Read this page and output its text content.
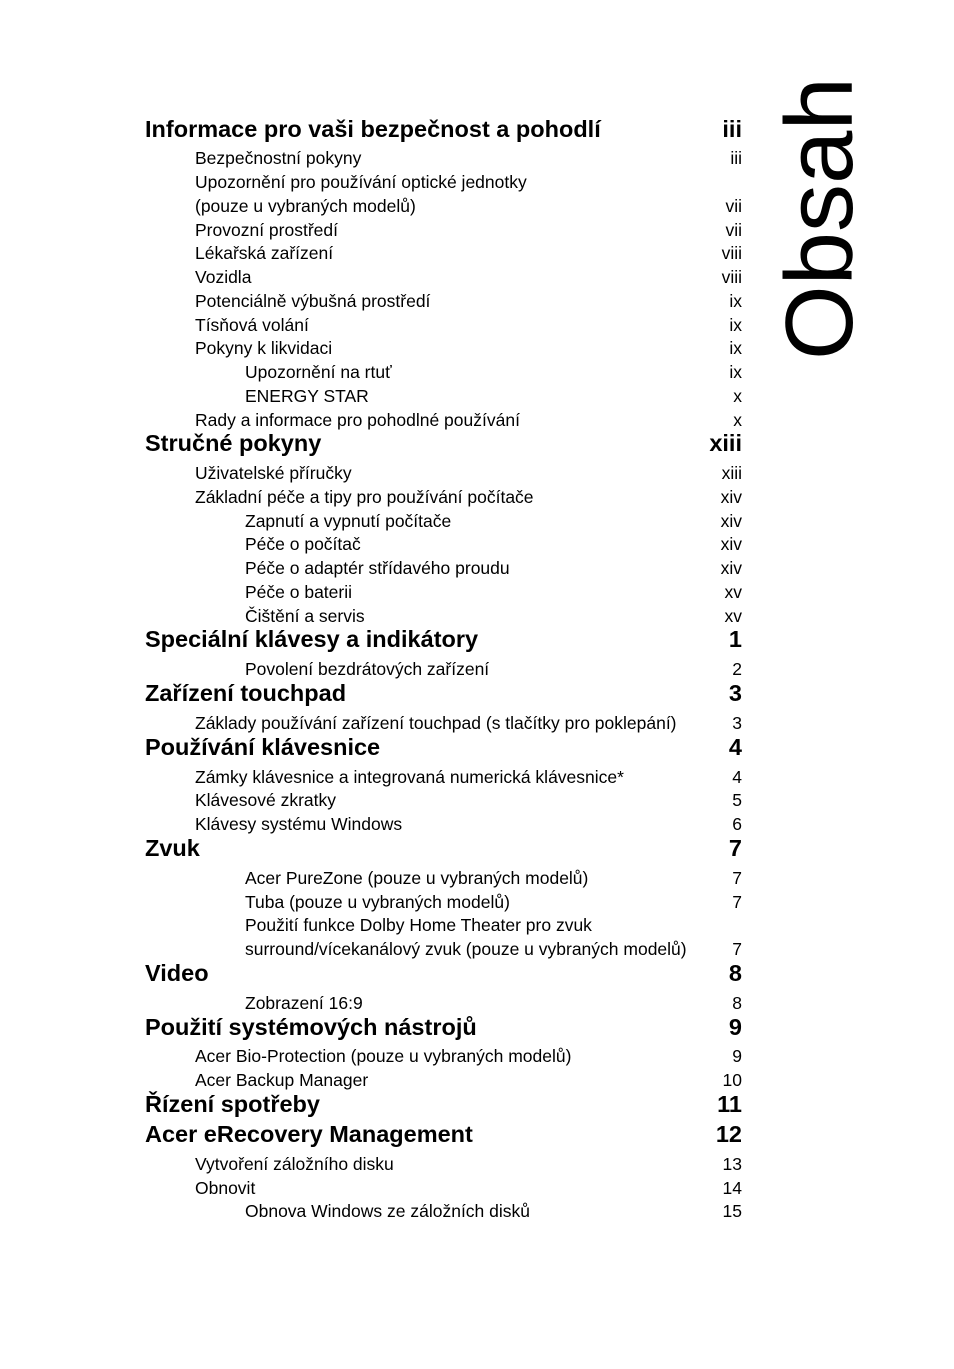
Informace pro vaši bezpečnost a pohodlí	iii
Bezpečnostní pokyny	iii
Upozornění pro používání optické jednotky
(pouze u vybraných modelů)	vii
Provozní prostředí	vii
Lékařská zařízení	viii
Vozidla	viii
Potenciálně výbušná prostředí	ix
Tísňová volání	ix
Pokyny k likvidaci	ix
Upozornění na rtuť	ix
ENERGY STAR	x
Rady a informace pro pohodlné používání	x
Stručné pokyny	xiii
Uživatelské příručky	xiii
Základní péče a tipy pro používání počítače	xiv
Zapnutí a vypnutí počítače	xiv
Péče o počítač	xiv
Péče o adaptér střídavého proudu	xiv
Péče o baterii	xv
Čištění a servis	xv
Speciální klávesy a indikátory	1
Povolení bezdrátových zařízení	2
Zařízení touchpad	3
Základy používání zařízení touchpad (s tlačítky pro poklepání)	3
Používání klávesnice	4
Zámky klávesnice a integrovaná numerická klávesnice*	4
Klávesové zkratky	5
Klávesy systému Windows	6
Zvuk	7
Acer PureZone (pouze u vybraných modelů)	7
Tuba (pouze u vybraných modelů)	7
Použití funkce Dolby Home Theater pro zvuk
surround/vícekanálový zvuk (pouze u vybraných modelů)	7
Video	8
Zobrazení 16:9	8
Použití systémových nástrojů	9
Acer Bio-Protection (pouze u vybraných modelů)	9
Acer Backup Manager	10
Řízení spotřeby	11
Acer eRecovery Management	12
Vytvoření záložního disku	13
Obnovit	14
Obnova Windows ze záložních disků	15
Obsah
